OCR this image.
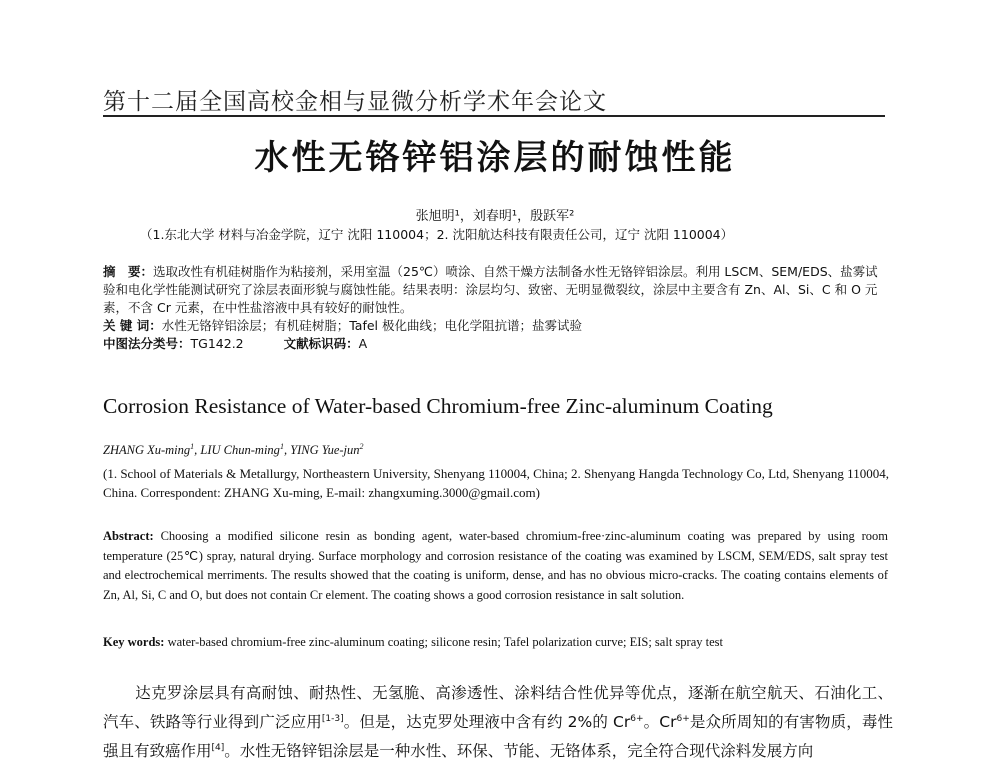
第十二届全国高校金相与显微分析学术年会论文
水性无铬锌铝涂层的耐蚀性能
张旭明¹，刘春明¹，殷跃军²
（1.东北大学 材料与冶金学院，辽宁 沈阳 110004；2. 沈阳航达科技有限责任公司，辽宁 沈阳 110004）
摘　要：选取改性有机硅树脂作为粘接剂，采用室温（25℃）喷涂、自然干燥方法制备水性无铬锌铝涂层。利用 LSCM、SEM/EDS、盐雾试验和电化学性能测试研究了涂层表面形貌与腐蚀性能。结果表明：涂层均匀、致密、无明显微裂纹，涂层中主要含有 Zn、Al、Si、C 和 O 元素，不含 Cr 元素，在中性盐溶液中具有较好的耐蚀性。
关 键 词：水性无铬锌铝涂层；有机硅树脂；Tafel 极化曲线；电化学阻抗谱；盐雾试验
中图法分类号：TG142.2	文献标识码：A
Corrosion Resistance of Water-based Chromium-free Zinc-aluminum Coating
ZHANG Xu-ming$^1$, LIU Chun-ming$^1$, YING Yue-jun$^2$
(1. School of Materials & Metallurgy, Northeastern University, Shenyang 110004, China; 2. Shenyang Hangda Technology Co, Ltd, Shenyang 110004, China. Correspondent: ZHANG Xu-ming, E-mail: zhangxuming.3000@gmail.com)
Abstract: Choosing a modified silicone resin as bonding agent, water-based chromium-free·zinc-aluminum coating was prepared by using room temperature (25℃) spray, natural drying. Surface morphology and corrosion resistance of the coating was examined by LSCM, SEM/EDS, salt spray test and electrochemical merriments. The results showed that the coating is uniform, dense, and has no obvious micro-cracks. The coating contains elements of Zn, Al, Si, C and O, but does not contain Cr element. The coating shows a good corrosion resistance in salt solution.
Key words: water-based chromium-free zinc-aluminum coating; silicone resin; Tafel polarization curve; EIS; salt spray test
达克罗涂层具有高耐蚀、耐热性、无氢脆、高渗透性、涂料结合性优异等优点，逐渐在航空航天、石油化工、汽车、铁路等行业得到广泛应用[1-3]。但是，达克罗处理液中含有约 2%的 $Cr^{6+}$。$Cr^{6+}$是众所周知的有害物质，毒性强且有致癌作用[4]。水性无铬锌铝涂层是一种水性、环保、节能、无铬体系，完全符合现代涂料发展方向
